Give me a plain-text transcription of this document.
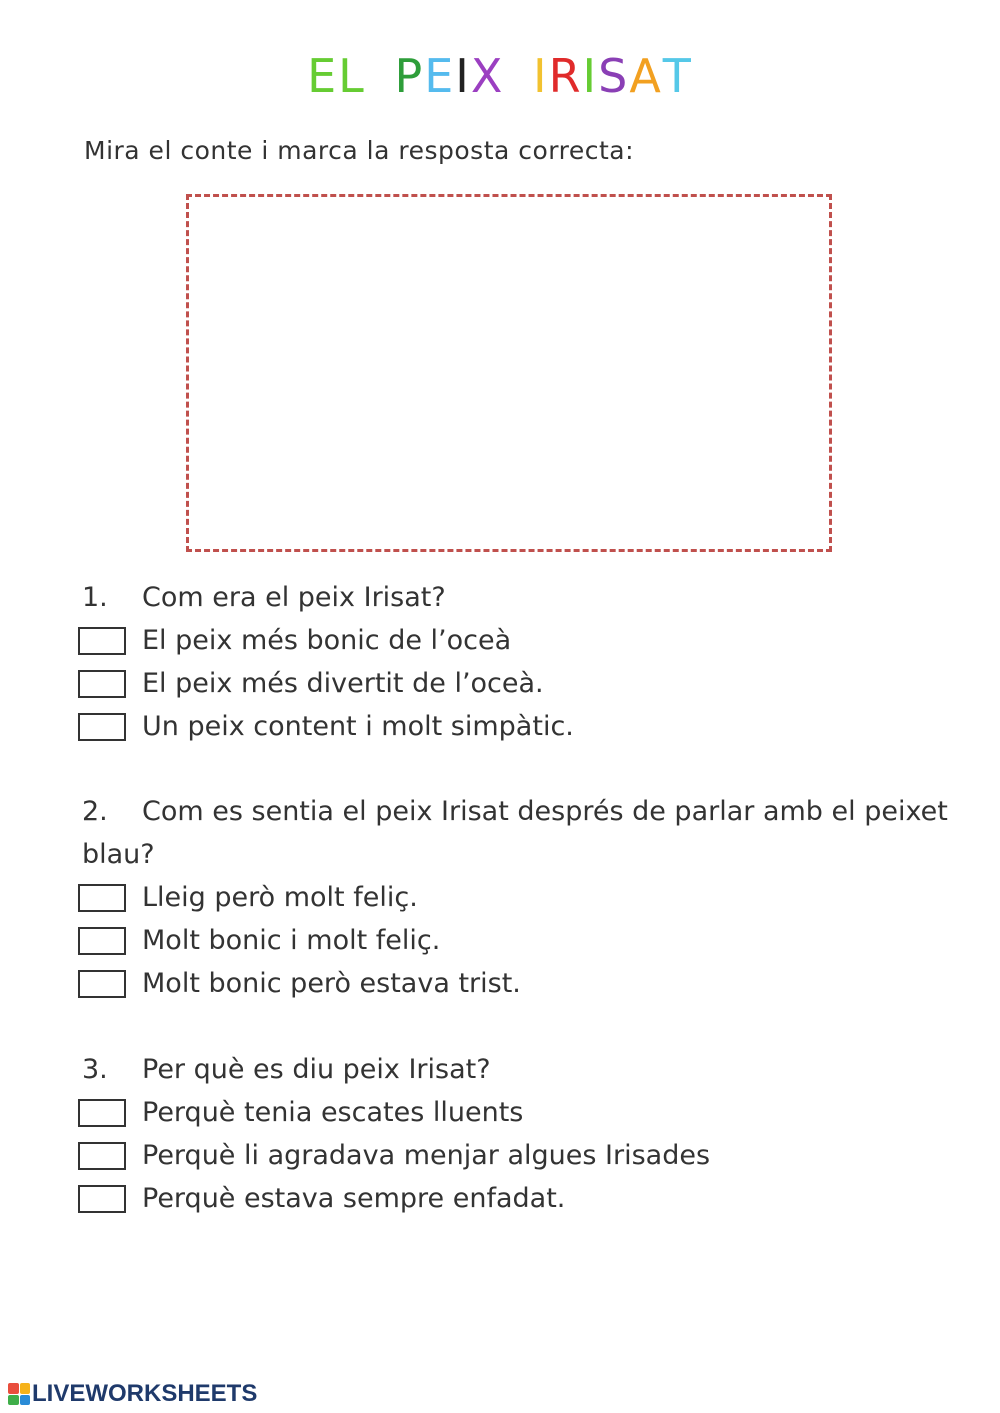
EL PEIX IRISAT
Mira el conte i marca la resposta correcta:

1. Com era el peix Irisat?

El peix més bonic de l’oceà
El peix més divertit de l’oceà.
Un peix content i molt simpàtic.

2. Com es sentia el peix Irisat després de parlar amb el peixet blau?

Lleig però molt feliç.
Molt bonic i molt feliç.
Molt bonic però estava trist.

3. Per què es diu peix Irisat?

Perquè tenia escates lluents
Perquè li agradava menjar algues Irisades
Perquè estava sempre enfadat.
LIVEWORKSHEETS
